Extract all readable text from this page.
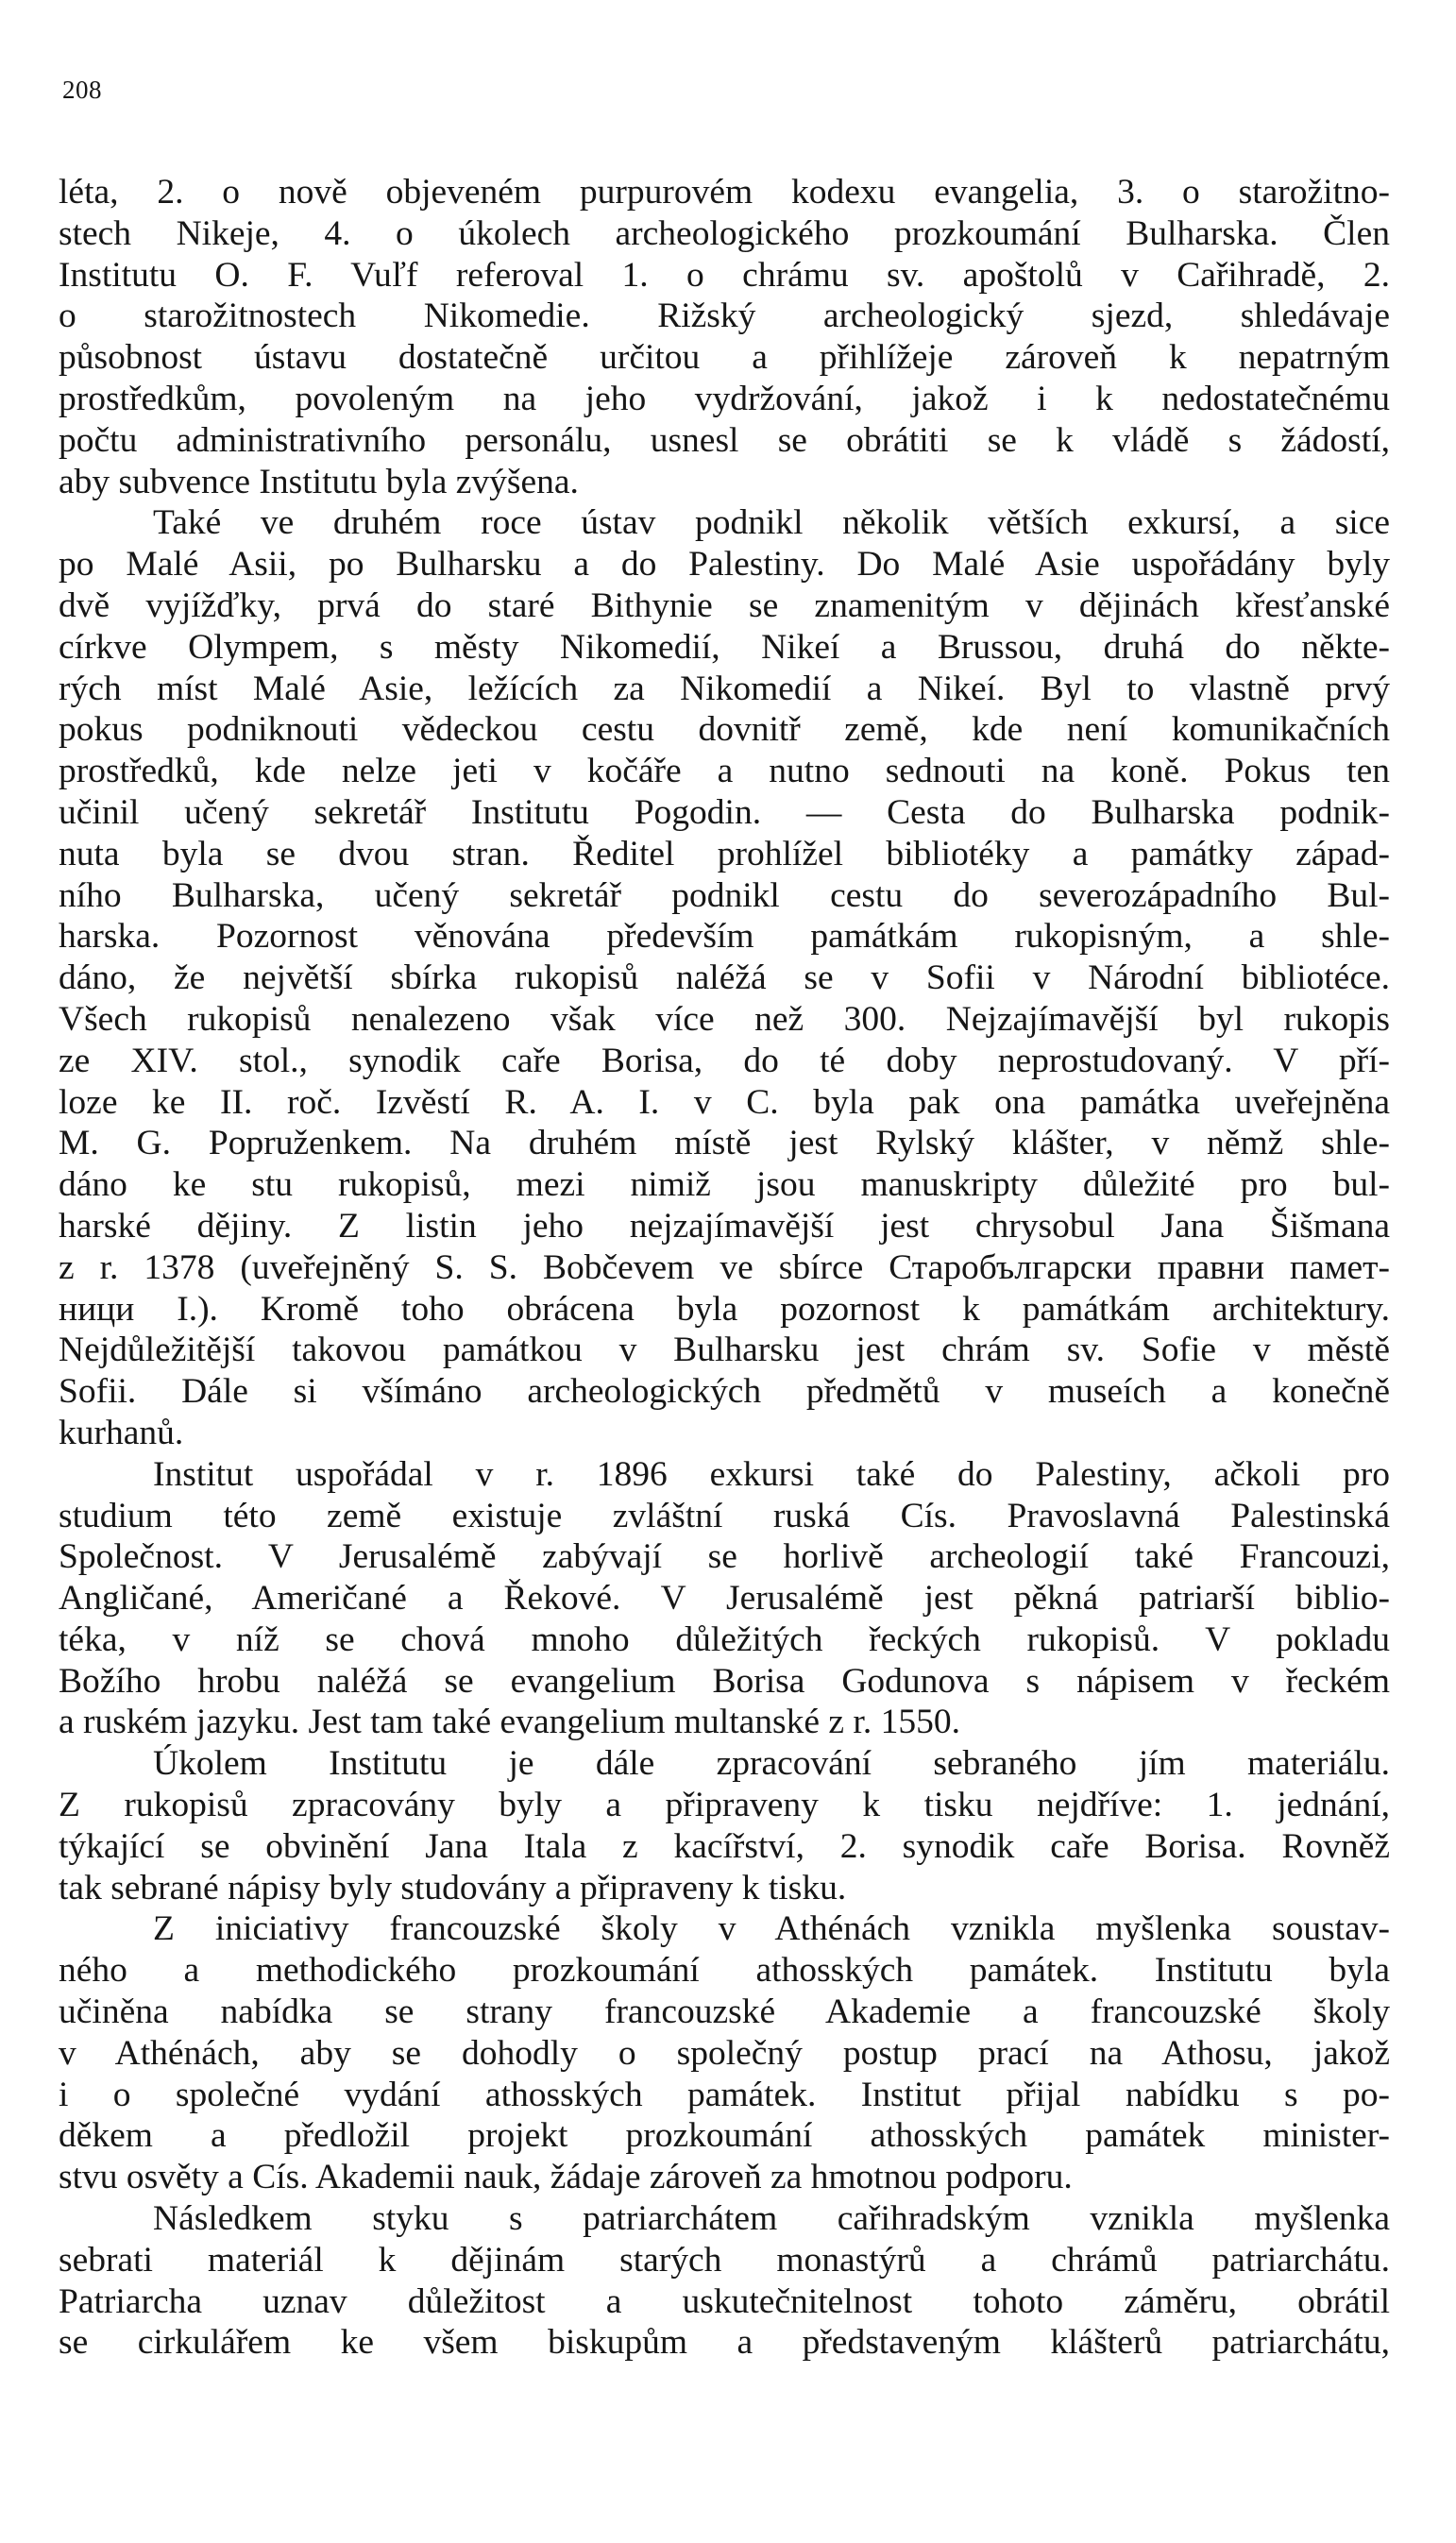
208
léta, 2. o nově objeveném purpurovém kodexu evangelia, 3. o starožitno-
stech Nikeje, 4. o úkolech archeologického prozkoumání Bulharska. Člen
Institutu O. F. Vuľf referoval 1. o chrámu sv. apoštolů v Cařihradě, 2.
o starožitnostech Nikomedie. Rižský archeologický sjezd, shledávaje
působnost ústavu dostatečně určitou a přihlížeje zároveň k nepatrným
prostředkům, povoleným na jeho vydržování, jakož i k nedostatečnému
počtu administrativního personálu, usnesl se obrátiti se k vládě s žádostí,
aby subvence Institutu byla zvýšena.
Také ve druhém roce ústav podnikl několik větších exkursí, a sice
po Malé Asii, po Bulharsku a do Palestiny. Do Malé Asie uspořádány byly
dvě vyjížďky, prvá do staré Bithynie se znamenitým v dějinách křesťanské
církve Olympem, s městy Nikomedií, Nikeí a Brussou, druhá do někte-
rých míst Malé Asie, ležících za Nikomedií a Nikeí. Byl to vlastně prvý
pokus podniknouti vědeckou cestu dovnitř země, kde není komunikačních
prostředků, kde nelze jeti v kočáře a nutno sednouti na koně. Pokus ten
učinil učený sekretář Institutu Pogodin. — Cesta do Bulharska podnik-
nuta byla se dvou stran. Ředitel prohlížel bibliotéky a památky západ-
ního Bulharska, učený sekretář podnikl cestu do severozápadního Bul-
harska. Pozornost věnována především památkám rukopisným, a shle-
dáno, že největší sbírka rukopisů naléžá se v Sofii v Národní bibliotéce.
Všech rukopisů nenalezeno však více než 300. Nejzajímavější byl rukopis
ze XIV. stol., synodik caře Borisa, do té doby neprostudovaný. V pří-
loze ke II. roč. Izvěstí R. A. I. v C. byla pak ona památka uveřejněna
M. G. Popruženkem. Na druhém místě jest Rylský klášter, v němž shle-
dáno ke stu rukopisů, mezi nimiž jsou manuskripty důležité pro bul-
harské dějiny. Z listin jeho nejzajímavější jest chrysobul Jana Šišmana
z r. 1378 (uveřejněný S. S. Bobčevem ve sbírce Старобългарски правни памет-
ници I.). Kromě toho obrácena byla pozornost k památkám architektury.
Nejdůležitější takovou památkou v Bulharsku jest chrám sv. Sofie v městě
Sofii. Dále si všímáno archeologických předmětů v museích a konečně
kurhanů.
Institut uspořádal v r. 1896 exkursi také do Palestiny, ačkoli pro
studium této země existuje zvláštní ruská Cís. Pravoslavná Palestinská
Společnost. V Jerusalémě zabývají se horlivě archeologií také Francouzi,
Angličané, Američané a Řekové. V Jerusalémě jest pěkná patriarší biblio-
téka, v níž se chová mnoho důležitých řeckých rukopisů. V pokladu
Božího hrobu naléžá se evangelium Borisa Godunova s nápisem v řeckém
a ruském jazyku. Jest tam také evangelium multanské z r. 1550.
Úkolem Institutu je dále zpracování sebraného jím materiálu.
Z rukopisů zpracovány byly a připraveny k tisku nejdříve: 1. jednání,
týkající se obvinění Jana Itala z kacířství, 2. synodik caře Borisa. Rovněž
tak sebrané nápisy byly studovány a připraveny k tisku.
Z iniciativy francouzské školy v Athénách vznikla myšlenka soustav-
ného a methodického prozkoumání athosských památek. Institutu byla
učiněna nabídka se strany francouzské Akademie a francouzské školy
v Athénách, aby se dohodly o společný postup prací na Athosu, jakož
i o společné vydání athosských památek. Institut přijal nabídku s po-
děkem a předložil projekt prozkoumání athosských památek minister-
stvu osvěty a Cís. Akademii nauk, žádaje zároveň za hmotnou podporu.
Následkem styku s patriarchátem cařihradským vznikla myšlenka
sebrati materiál k dějinám starých monastýrů a chrámů patriarchátu.
Patriarcha uznav důležitost a uskutečnitelnost tohoto záměru, obrátil
se cirkulářem ke všem biskupům a představeným klášterů patriarchátu,
